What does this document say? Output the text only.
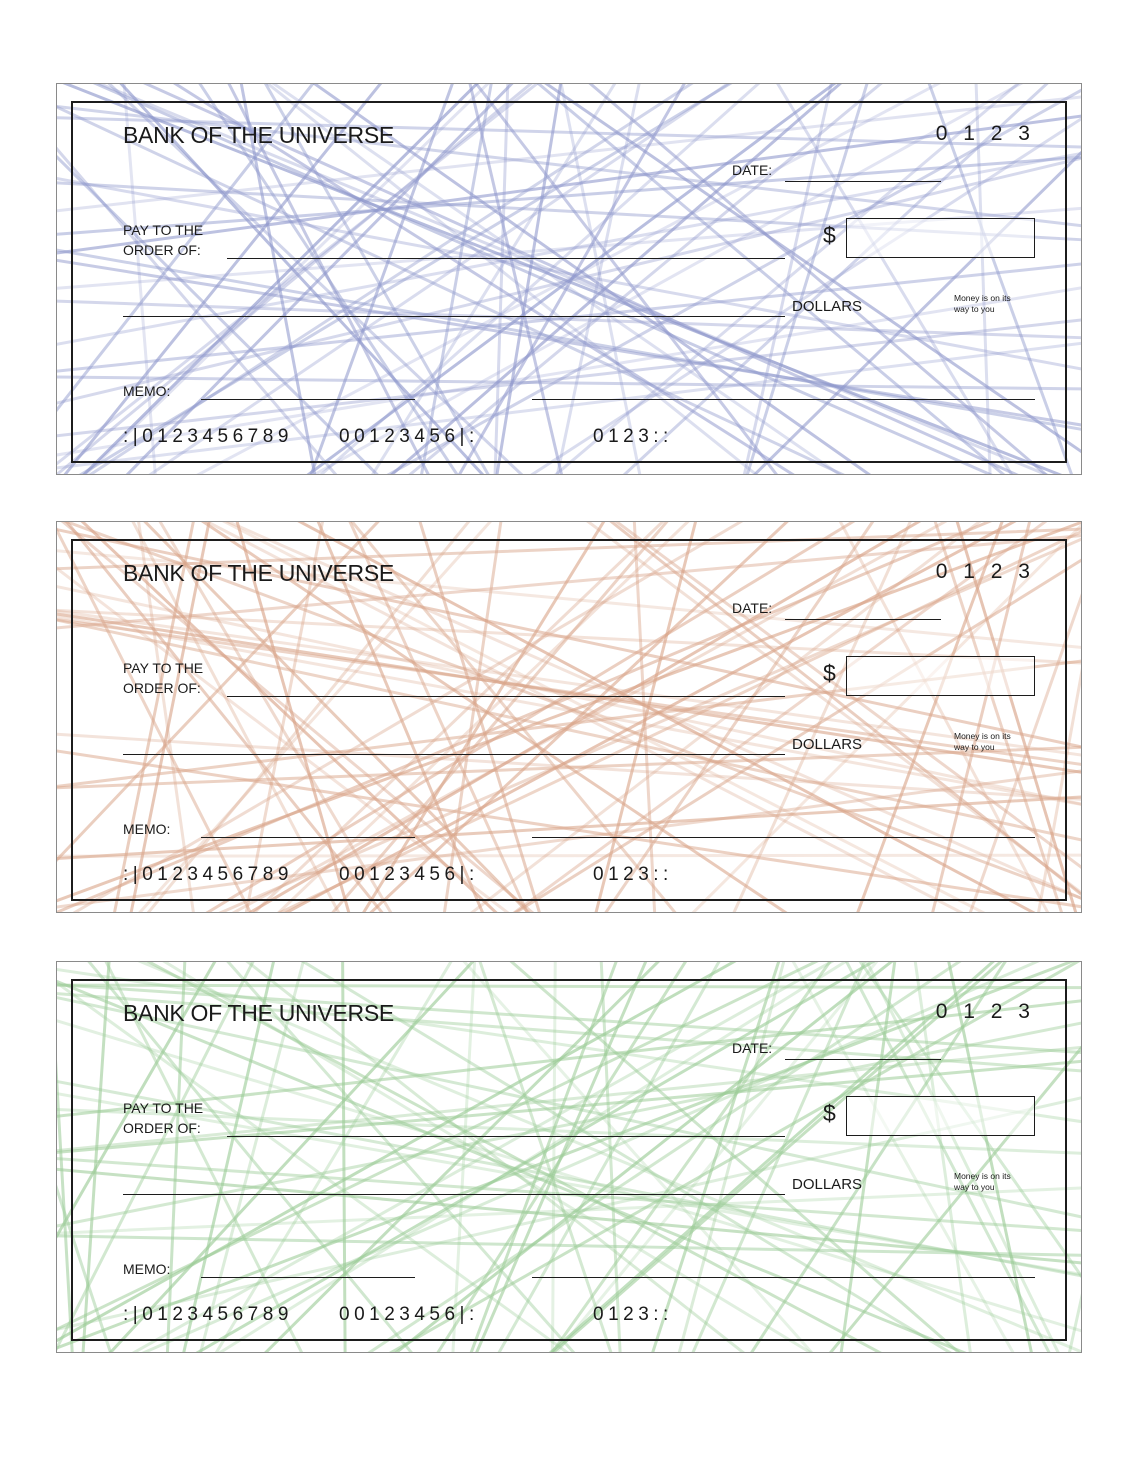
BANK OF THE UNIVERSE	0 1 2 3
DATE:
PAY TO THE
ORDER OF:
$
DOLLARS	Money is on its
way to you
MEMO:
:|0123456789 00123456|:	0123::
BANK OF THE UNIVERSE	0 1 2 3
DATE:
PAY TO THE
ORDER OF:
$
DOLLARS	Money is on its
way to you
MEMO:
:|0123456789 00123456|:	0123::
BANK OF THE UNIVERSE	0 1 2 3
DATE:
PAY TO THE
ORDER OF:
$
DOLLARS	Money is on its
way to you
MEMO:
:|0123456789 00123456|:	0123::
